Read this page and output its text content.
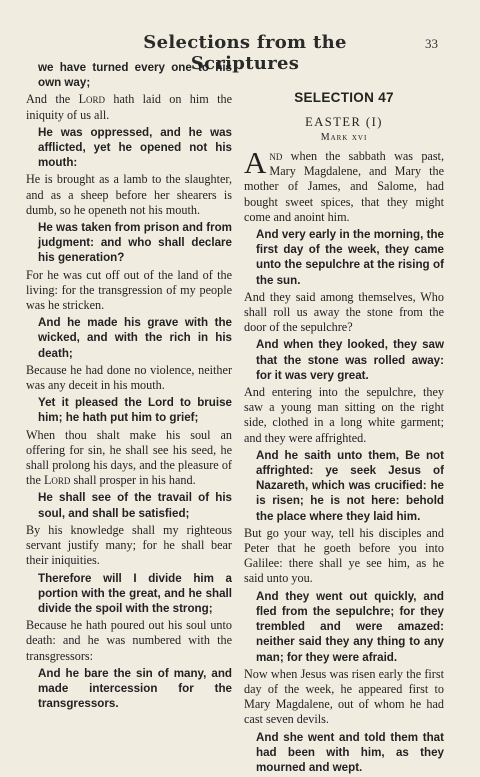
Selections from the Scriptures
33

we have turned every one to his own way;

And the Lord hath laid on him the iniquity of us all.

He was oppressed, and he was afflicted, yet he opened not his mouth:

He is brought as a lamb to the slaughter, and as a sheep before her shearers is dumb, so he openeth not his mouth.

He was taken from prison and from judgment: and who shall declare his generation?

For he was cut off out of the land of the living: for the transgression of my people was he stricken.

And he made his grave with the wicked, and with the rich in his death;

Because he had done no violence, neither was any deceit in his mouth.

Yet it pleased the Lord to bruise him; he hath put him to grief;

When thou shalt make his soul an offering for sin, he shall see his seed, he shall prolong his days, and the pleasure of the Lord shall prosper in his hand.

He shall see of the travail of his soul, and shall be satisfied;

By his knowledge shall my righteous servant justify many; for he shall bear their iniquities.

Therefore will I divide him a portion with the great, and he shall divide the spoil with the strong;

Because he hath poured out his soul unto death: and he was numbered with the transgressors:

And he bare the sin of many, and made intercession for the transgressors.

SELECTION 47
EASTER (I)
Mark xvi

And when the sabbath was past, Mary Magdalene, and Mary the mother of James, and Salome, had bought sweet spices, that they might come and anoint him.

And very early in the morning, the first day of the week, they came unto the sepulchre at the rising of the sun.

And they said among themselves, Who shall roll us away the stone from the door of the sepulchre?

And when they looked, they saw that the stone was rolled away: for it was very great.

And entering into the sepulchre, they saw a young man sitting on the right side, clothed in a long white garment; and they were affrighted.

And he saith unto them, Be not affrighted: ye seek Jesus of Nazareth, which was crucified: he is risen; he is not here: behold the place where they laid him.

But go your way, tell his disciples and Peter that he goeth before you into Galilee: there shall ye see him, as he said unto you.

And they went out quickly, and fled from the sepulchre; for they trembled and were amazed: neither said they any thing to any man; for they were afraid.

Now when Jesus was risen early the first day of the week, he appeared first to Mary Magdalene, out of whom he had cast seven devils.

And she went and told them that had been with him, as they mourned and wept.
